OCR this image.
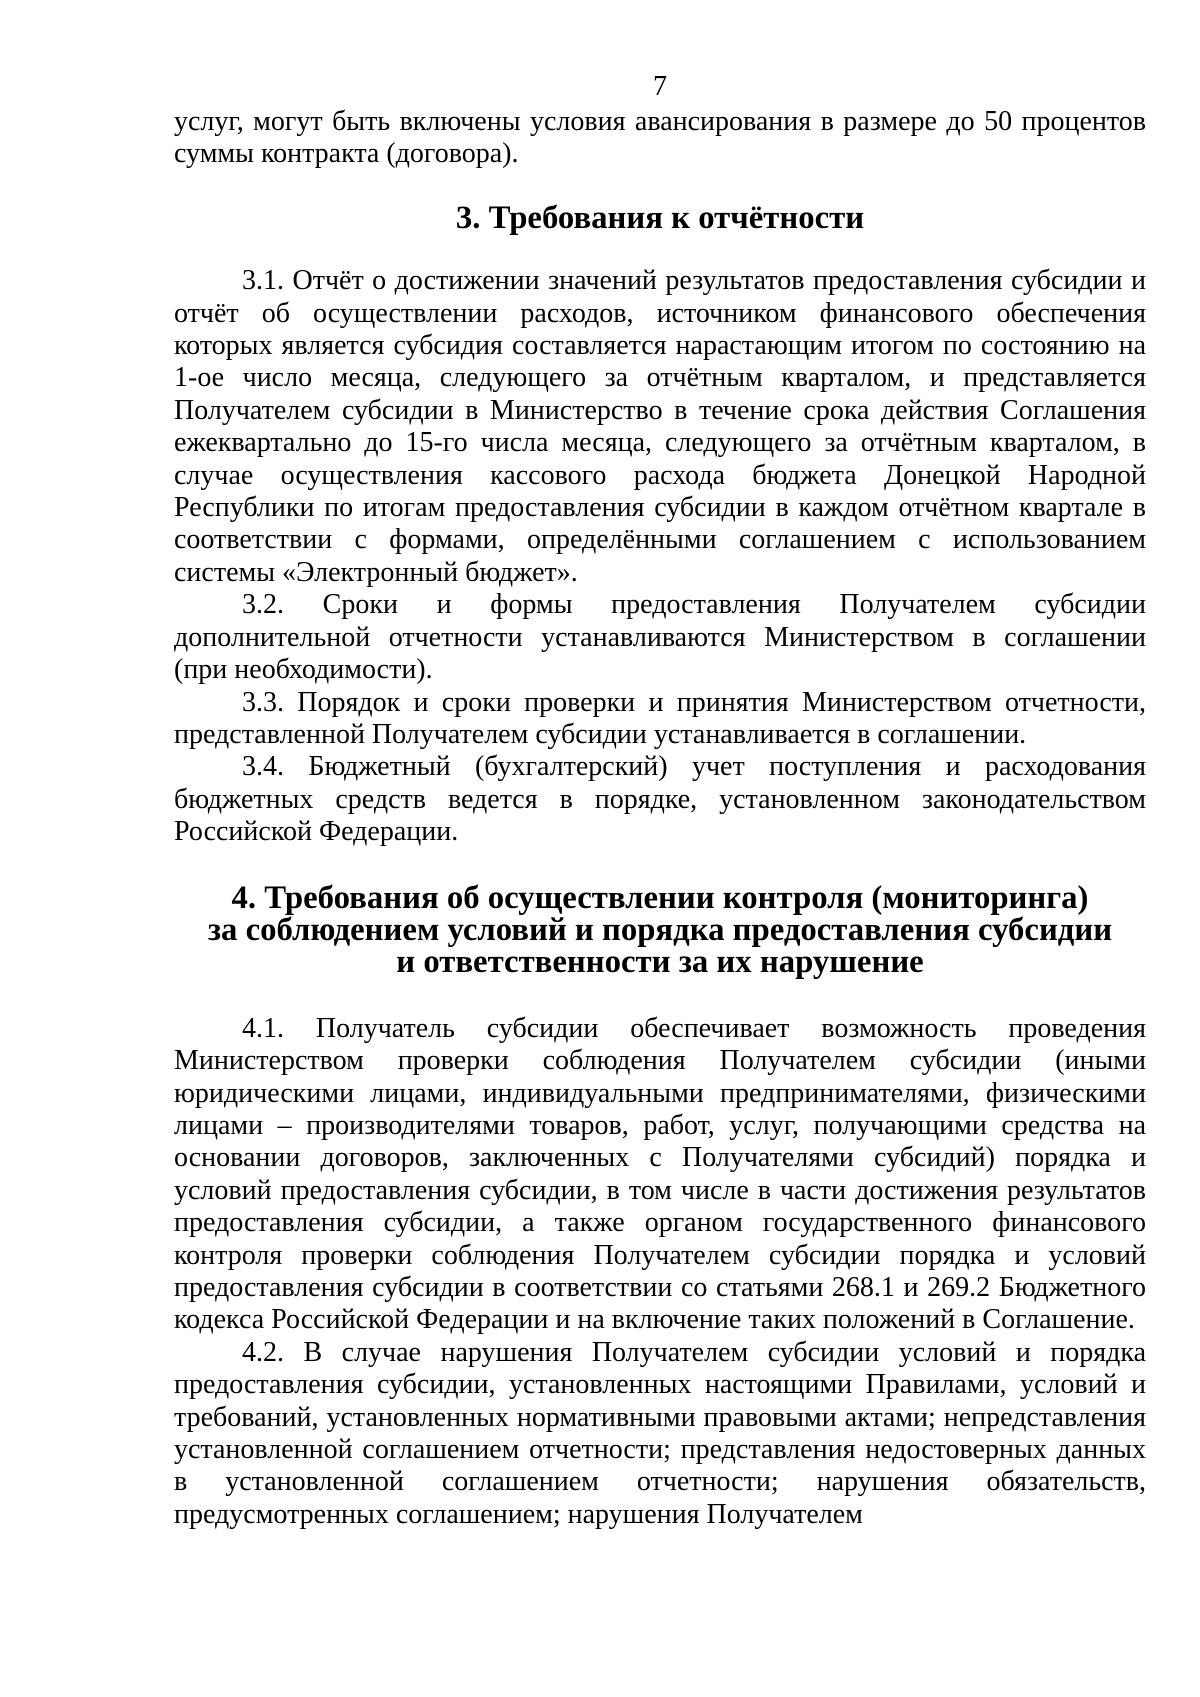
7

услуг, могут быть включены условия авансирования в размере до 50 процентов суммы контракта (договора).

3. Требования к отчётности

3.1. Отчёт о достижении значений результатов предоставления субсидии и отчёт об осуществлении расходов, источником финансового обеспечения которых является субсидия составляется нарастающим итогом по состоянию на 1-ое число месяца, следующего за отчётным кварталом, и представляется Получателем субсидии в Министерство в течение срока действия Соглашения ежеквартально до 15-го числа месяца, следующего за отчётным кварталом, в случае осуществления кассового расхода бюджета Донецкой Народной Республики по итогам предоставления субсидии в каждом отчётном квартале в соответствии с формами, определёнными соглашением с использованием системы «Электронный бюджет».

3.2. Сроки и формы предоставления Получателем субсидии дополнительной отчетности устанавливаются Министерством в соглашении (при необходимости).

3.3. Порядок и сроки проверки и принятия Министерством отчетности, представленной Получателем субсидии устанавливается в соглашении.

3.4. Бюджетный (бухгалтерский) учет поступления и расходования бюджетных средств ведется в порядке, установленном законодательством Российской Федерации.

4. Требования об осуществлении контроля (мониторинга)
за соблюдением условий и порядка предоставления субсидии
и ответственности за их нарушение

4.1. Получатель субсидии обеспечивает возможность проведения Министерством проверки соблюдения Получателем субсидии (иными юридическими лицами, индивидуальными предпринимателями, физическими лицами – производителями товаров, работ, услуг, получающими средства на основании договоров, заключенных с Получателями субсидий) порядка и условий предоставления субсидии, в том числе в части достижения результатов предоставления субсидии, а также органом государственного финансового контроля проверки соблюдения Получателем субсидии порядка и условий предоставления субсидии в соответствии со статьями 268.1 и 269.2 Бюджетного кодекса Российской Федерации и на включение таких положений в Соглашение.

4.2. В случае нарушения Получателем субсидии условий и порядка предоставления субсидии, установленных настоящими Правилами, условий и требований, установленных нормативными правовыми актами; непредставления установленной соглашением отчетности; представления недостоверных данных в установленной соглашением отчетности; нарушения обязательств, предусмотренных соглашением; нарушения Получателем
